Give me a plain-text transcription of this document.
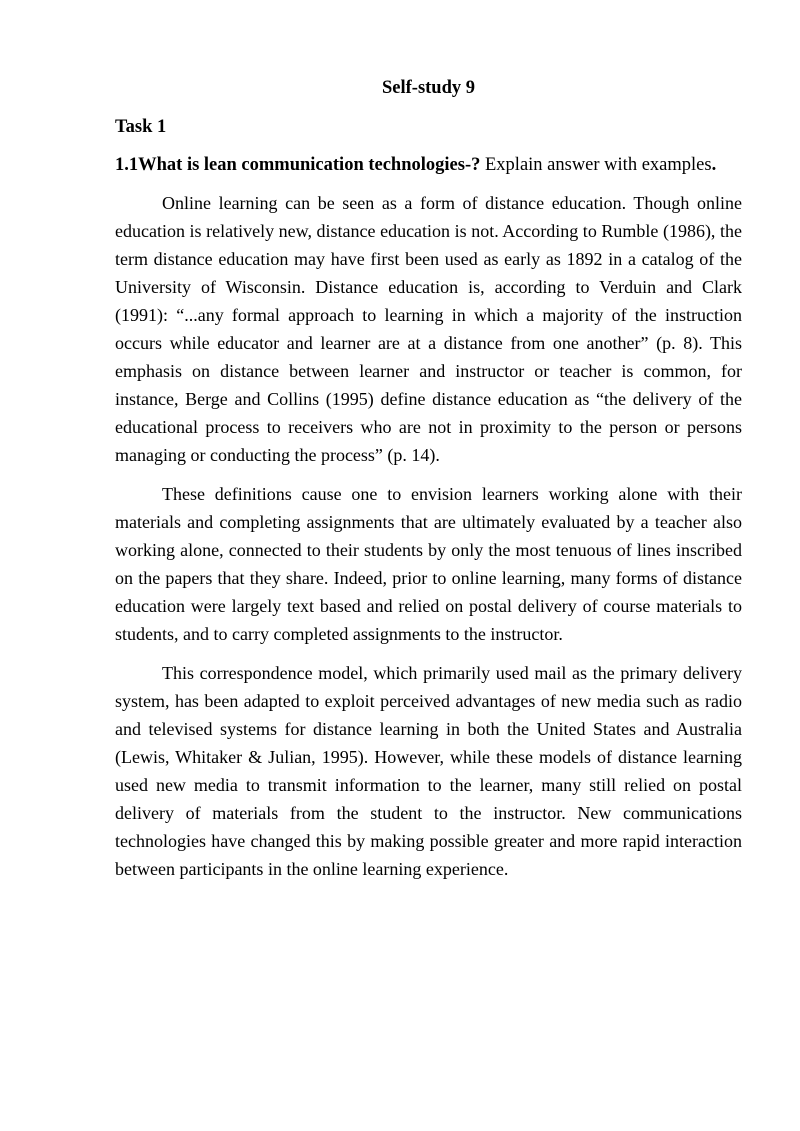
Self-study 9
Task 1
1.1What is lean communication technologies-? Explain answer with examples.

Online learning can be seen as a form of distance education. Though online education is relatively new, distance education is not. According to Rumble (1986), the term distance education may have first been used as early as 1892 in a catalog of the University of Wisconsin. Distance education is, according to Verduin and Clark (1991): “...any formal approach to learning in which a majority of the instruction occurs while educator and learner are at a distance from one another” (p. 8). This emphasis on distance between learner and instructor or teacher is common, for instance, Berge and Collins (1995) define distance education as “the delivery of the educational process to receivers who are not in proximity to the person or persons managing or conducting the process” (p. 14).

These definitions cause one to envision learners working alone with their materials and completing assignments that are ultimately evaluated by a teacher also working alone, connected to their students by only the most tenuous of lines inscribed on the papers that they share. Indeed, prior to online learning, many forms of distance education were largely text based and relied on postal delivery of course materials to students, and to carry completed assignments to the instructor.

This correspondence model, which primarily used mail as the primary delivery system, has been adapted to exploit perceived advantages of new media such as radio and televised systems for distance learning in both the United States and Australia (Lewis, Whitaker & Julian, 1995). However, while these models of distance learning used new media to transmit information to the learner, many still relied on postal delivery of materials from the student to the instructor. New communications technologies have changed this by making possible greater and more rapid interaction between participants in the online learning experience.
